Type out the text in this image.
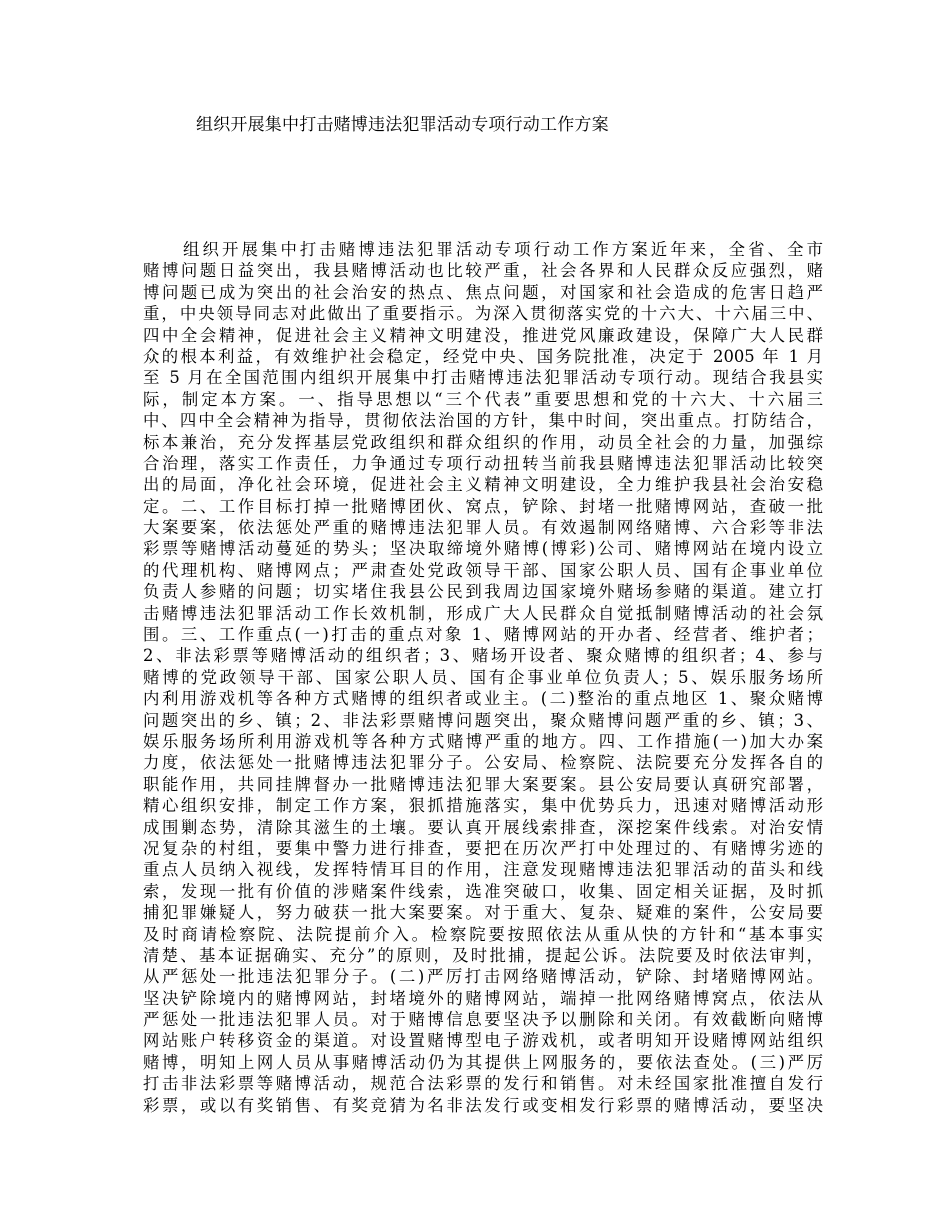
组织开展集中打击赌博违法犯罪活动专项行动工作方案
组织开展集中打击赌博违法犯罪活动专项行动工作方案近年来，全省、全市
赌博问题日益突出，我县赌博活动也比较严重，社会各界和人民群众反应强烈，赌
博问题已成为突出的社会治安的热点、焦点问题，对国家和社会造成的危害日趋严
重，中央领导同志对此做出了重要指示。为深入贯彻落实党的十六大、十六届三中、
四中全会精神，促进社会主义精神文明建没，推进党风廉政建设，保障广大人民群
众的根本利益，有效维护社会稳定，经党中央、国务院批准，决定于 2005 年 1 月
至 5 月在全国范围内组织开展集中打击赌博违法犯罪活动专项行动。现结合我县实
际，制定本方案。一、指导思想以“三个代表”重要思想和党的十六大、十六届三
中、四中全会精神为指导，贯彻依法治国的方针，集中时间，突出重点。打防结合，
标本兼治，充分发挥基层党政组织和群众组织的作用，动员全社会的力量，加强综
合治理，落实工作责任，力争通过专项行动扭转当前我县赌博违法犯罪活动比较突
出的局面，净化社会环境，促进社会主义精神文明建设，全力维护我县社会治安稳
定。二、工作目标打掉一批赌博团伙、窝点，铲除、封堵一批赌博网站，查破一批
大案要案，依法惩处严重的赌博违法犯罪人员。有效遏制网络赌博、六合彩等非法
彩票等赌博活动蔓延的势头；坚决取缔境外赌博(博彩)公司、赌博网站在境内设立
的代理机构、赌博网点；严肃查处党政领导干部、国家公职人员、国有企事业单位
负责人参赌的问题；切实堵住我县公民到我周边国家境外赌场参赌的渠道。建立打
击赌博违法犯罪活动工作长效机制，形成广大人民群众自觉抵制赌博活动的社会氛
围。三、工作重点(一)打击的重点对象 1、赌博网站的开办者、经营者、维护者；
2、非法彩票等赌博活动的组织者；3、赌场开设者、聚众赌博的组织者；4、参与
赌博的党政领导干部、国家公职人员、国有企事业单位负责人；5、娱乐服务场所
内利用游戏机等各种方式赌博的组织者或业主。(二)整治的重点地区 1、聚众赌博
问题突出的乡、镇；2、非法彩票赌博问题突出，聚众赌博问题严重的乡、镇；3、
娱乐服务场所利用游戏机等各种方式赌博严重的地方。四、工作措施(一)加大办案
力度，依法惩处一批赌博违法犯罪分子。公安局、检察院、法院要充分发挥各自的
职能作用，共同挂牌督办一批赌博违法犯罪大案要案。县公安局要认真研究部署，
精心组织安排，制定工作方案，狠抓措施落实，集中优势兵力，迅速对赌博活动形
成围剿态势，清除其滋生的土壤。要认真开展线索排查，深挖案件线索。对治安情
况复杂的村组，要集中警力进行排查，要把在历次严打中处理过的、有赌博劣迹的
重点人员纳入视线，发挥特情耳目的作用，注意发现赌博违法犯罪活动的苗头和线
索，发现一批有价值的涉赌案件线索，选准突破口，收集、固定相关证据，及时抓
捕犯罪嫌疑人，努力破获一批大案要案。对于重大、复杂、疑难的案件，公安局要
及时商请检察院、法院提前介入。检察院要按照依法从重从快的方针和“基本事实
清楚、基本证据确实、充分”的原则，及时批捕，提起公诉。法院要及时依法审判，
从严惩处一批违法犯罪分子。(二)严厉打击网络赌博活动，铲除、封堵赌博网站。
坚决铲除境内的赌博网站，封堵境外的赌博网站，端掉一批网络赌博窝点，依法从
严惩处一批违法犯罪人员。对于赌博信息要坚决予以删除和关闭。有效截断向赌博
网站账户转移资金的渠道。对设置赌博型电子游戏机，或者明知开设赌博网站组织
赌博，明知上网人员从事赌博活动仍为其提供上网服务的，要依法查处。(三)严厉
打击非法彩票等赌博活动，规范合法彩票的发行和销售。对未经国家批准擅自发行
彩票，或以有奖销售、有奖竞猜为名非法发行或变相发行彩票的赌博活动，要坚决
